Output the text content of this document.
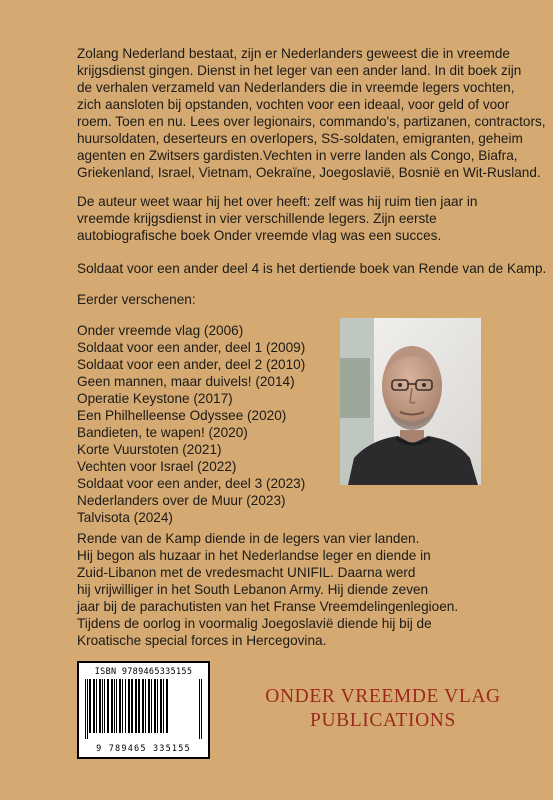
Zolang Nederland bestaat, zijn er Nederlanders geweest die in vreemde
krijgsdienst gingen. Dienst in het leger van een ander land. In dit boek zijn
de verhalen verzameld van Nederlanders die in vreemde legers vochten,
zich aansloten bij opstanden, vochten voor een ideaal, voor geld of voor
roem. Toen en nu. Lees over legionairs, commando's, partizanen, contractors,
huursoldaten, deserteurs en overlopers, SS-soldaten, emigranten, geheim
agenten en Zwitsers gardisten.Vechten in verre landen als Congo, Biafra,
Griekenland, Israel, Vietnam, Oekraïne, Joegoslavië, Bosnië en Wit-Rusland.
De auteur weet waar hij het over heeft: zelf was hij ruim tien jaar in
vreemde krijgsdienst in vier verschillende legers. Zijn eerste
autobiografische boek Onder vreemde vlag was een succes.
Soldaat voor een ander deel 4 is het dertiende boek van Rende van de Kamp.
Eerder verschenen:
Onder vreemde vlag (2006)
Soldaat voor een ander, deel 1 (2009)
Soldaat voor een ander, deel 2 (2010)
Geen mannen, maar duivels! (2014)
Operatie Keystone (2017)
Een Philhelleense Odyssee (2020)
Bandieten, te wapen! (2020)
Korte Vuurstoten (2021)
Vechten voor Israel (2022)
Soldaat voor een ander, deel 3 (2023)
Nederlanders over de Muur (2023)
Talvisota (2024)
Rende van de Kamp diende in de legers van vier landen.
Hij begon als huzaar in het Nederlandse leger en diende in
Zuid-Libanon met de vredesmacht UNIFIL. Daarna werd
hij vrijwilliger in het South Lebanon Army. Hij diende zeven
jaar bij de parachutisten van het Franse Vreemdelingenlegioen.
Tijdens de oorlog in voormalig Joegoslavië diende hij bij de
Kroatische special forces in Hercegovina.
ISBN 9789465335155
9 789465 335155
ONDER VREEMDE VLAG
PUBLICATIONS
